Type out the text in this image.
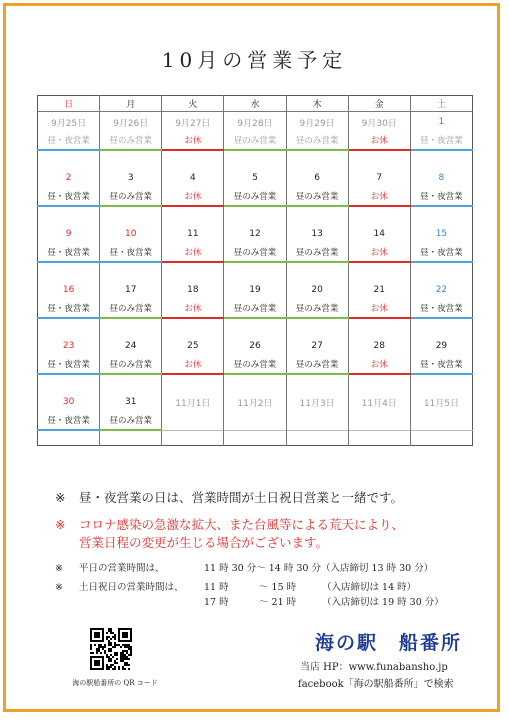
10月の営業予定
日	月	火	水	木	金	土
9月25日	9月26日	9月27日	9月28日	9月29日	9月30日	1
昼・夜営業	昼のみ営業	お休	昼のみ営業	昼のみ営業	お休	昼・夜営業

2	3	4	5	6	7	8
昼・夜営業	昼のみ営業	お休	昼のみ営業	昼のみ営業	お休	昼・夜営業

9	10	11	12	13	14	15
昼・夜営業	昼・夜営業	お休	昼のみ営業	昼のみ営業	お休	昼・夜営業

16	17	18	19	20	21	22
昼・夜営業	昼のみ営業	お休	昼のみ営業	昼のみ営業	お休	昼・夜営業

23	24	25	26	27	28	29
昼・夜営業	昼のみ営業	お休	昼のみ営業	昼のみ営業	お休	昼・夜営業

30	31	11月1日	11月2日	11月3日	11月4日	11月5日
昼・夜営業	昼のみ営業					

※ 昼・夜営業の日は、営業時間が土日祝日営業と一緒です。
※ コロナ感染の急激な拡大、また台風等による荒天により、
営業日程の変更が生じる場合がございます。
※ 平日の営業時間は、	11 時 30 分～ 14 時 30 分（入店締切 13 時 30 分）
※ 土日祝日の営業時間は、 11 時	～ 15 時	（入店締切は 14 時）
17 時	～ 21 時	（入店締切は 19 時 30 分）
海の駅船番所の QR コード
海の駅　船番所
当店 HP：www.funabansho.jp
facebook「海の駅船番所」で検索
